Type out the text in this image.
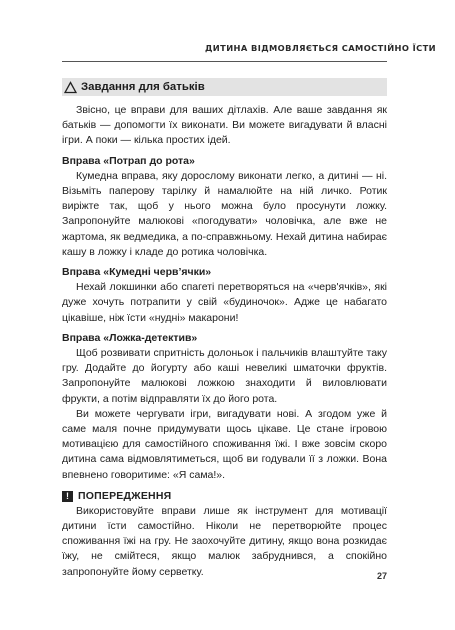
ДИТИНА ВІДМОВЛЯЄТЬСЯ САМОСТІЙНО ЇСТИ
Завдання для батьків

Звісно, це вправи для ваших дітлахів. Але ваше завдання як батьків — допомогти їх виконати. Ви можете вигадувати й власні ігри. А поки — кілька простих ідей.

Вправа «Потрап до рота»

Кумедна вправа, яку дорослому виконати легко, а дитині — ні. Візьміть паперову тарілку й намалюйте на ній личко. Ротик виріжте так, щоб у нього можна було просунути ложку. Запропонуйте малюкові «погодувати» чоловічка, але вже не жартома, як ведмедика, а по-справжньому. Нехай дитина набирає кашу в ложку і кладе до ротика чоловічка.

Вправа «Кумедні черв’ячки»

Нехай локшинки або спагеті перетворяться на «черв'ячків», які дуже хочуть потрапити у свій «будиночок». Адже це набагато цікавіше, ніж їсти «нудні» макарони!

Вправа «Ложка-детектив»

Щоб розвивати спритність долоньок і пальчиків влаштуйте таку гру. Додайте до йогурту або каші невеликі шматочки фруктів. Запропонуйте малюкові ложкою знаходити й виловлювати фрукти, а потім відправляти їх до його рота.

Ви можете чергувати ігри, вигадувати нові. А згодом уже й саме маля почне придумувати щось цікаве. Це стане ігровою мотивацією для самостійного споживання їжі. І вже зовсім скоро дитина сама відмовлятиметься, щоб ви годували її з ложки. Вона впевнено говоритиме: «Я сама!».

! ПОПЕРЕДЖЕННЯ

Використовуйте вправи лише як інструмент для мотивації дитини їсти самостійно. Ніколи не перетворюйте процес споживання їжі на гру. Не заохочуйте дитину, якщо вона розкидає їжу, не смійтеся, якщо малюк забруднився, а спокійно запропонуйте йому серветку.	27
